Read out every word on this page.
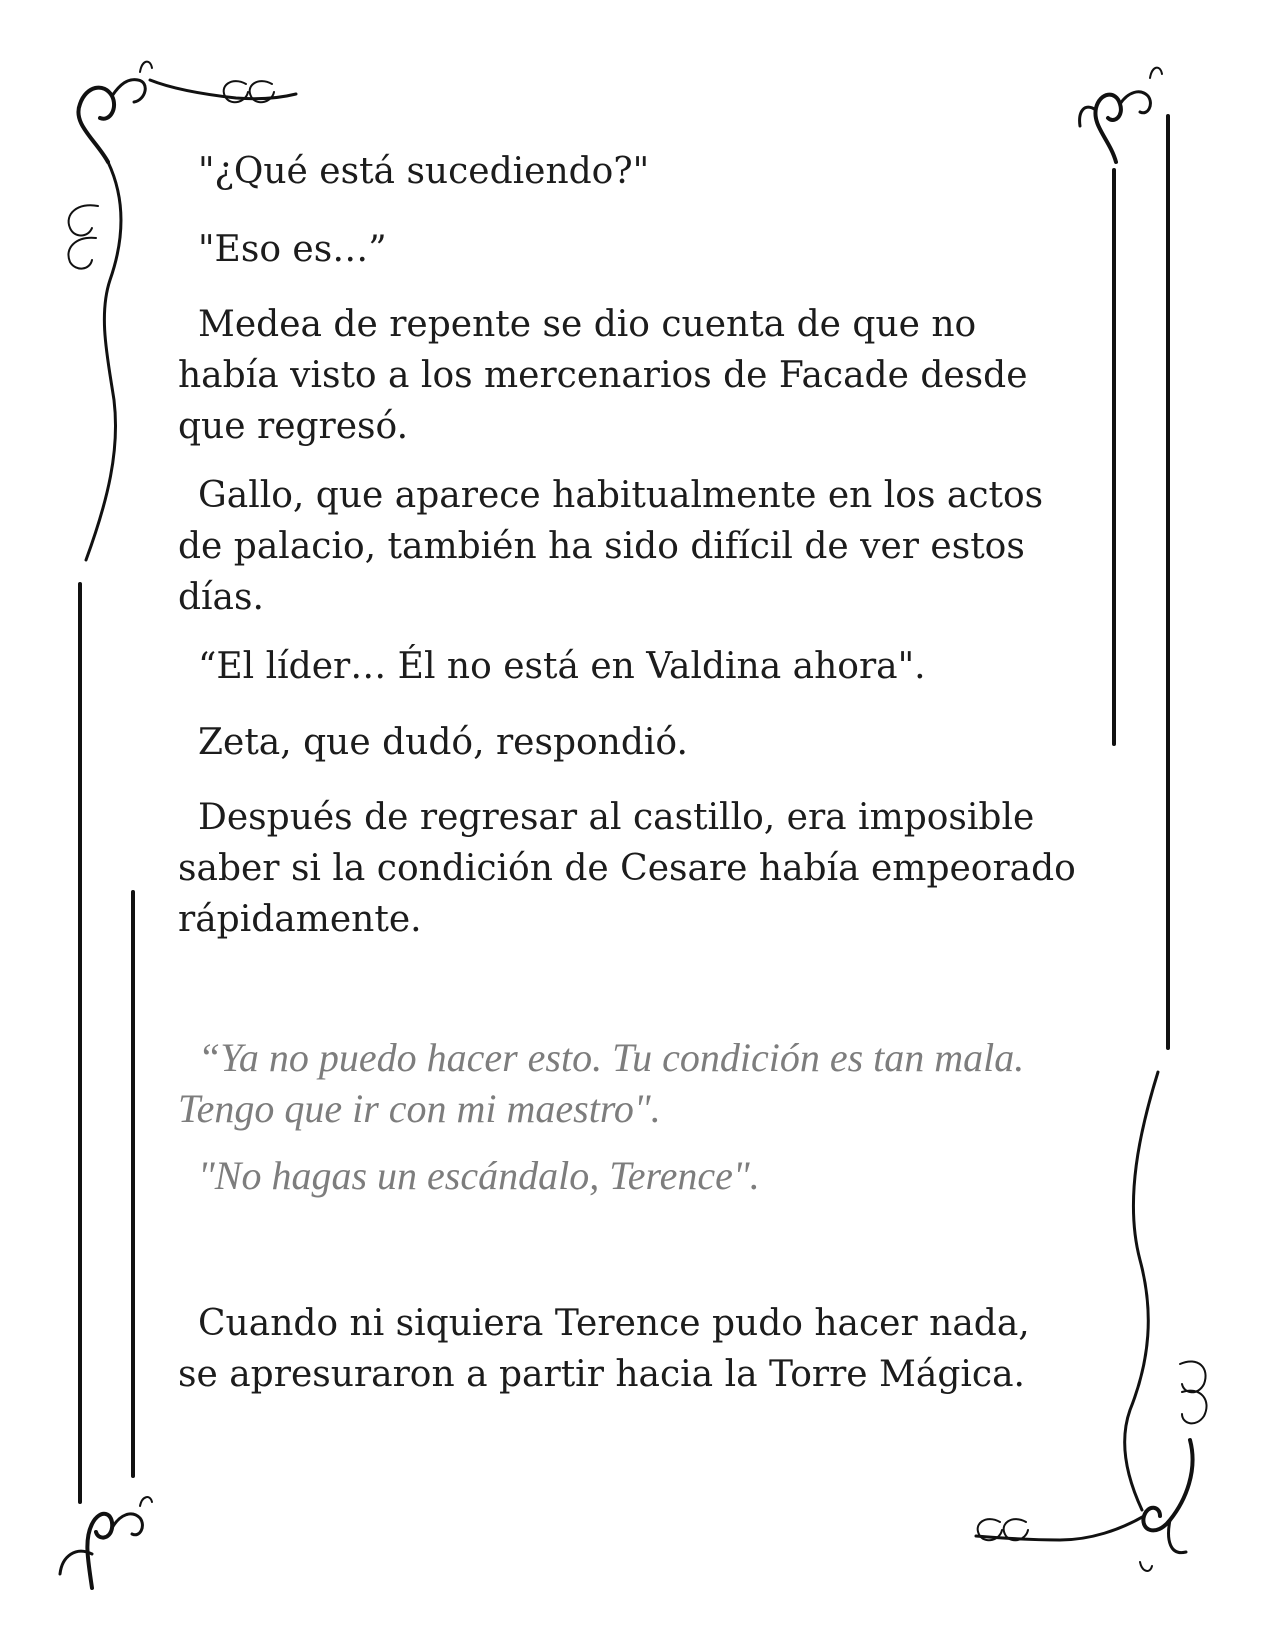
"¿Qué está sucediendo?"

"Eso es…”

Medea de repente se dio cuenta de que no había visto a los mercenarios de Facade desde que regresó.

Gallo, que aparece habitualmente en los actos de palacio, también ha sido difícil de ver estos días.

“El líder… Él no está en Valdina ahora".

Zeta, que dudó, respondió.

Después de regresar al castillo, era imposible saber si la condición de Cesare había empeorado rápidamente.

“Ya no puedo hacer esto. Tu condición es tan mala. Tengo que ir con mi maestro".

"No hagas un escándalo, Terence".

Cuando ni siquiera Terence pudo hacer nada, se apresuraron a partir hacia la Torre Mágica.
